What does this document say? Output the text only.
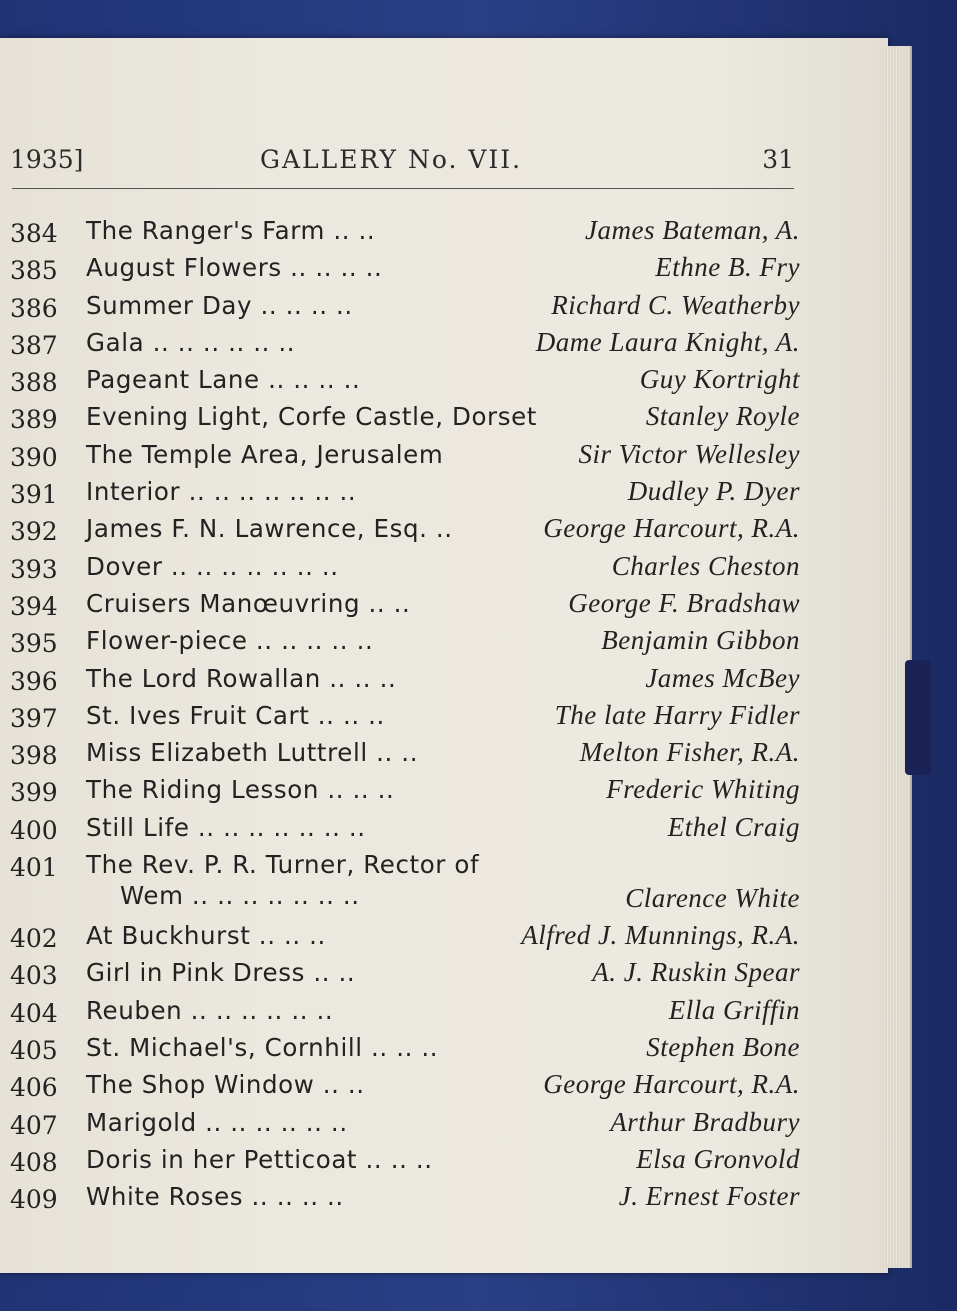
1935]	GALLERY No. VII.	31
384 The Ranger's Farm .. ..	James Bateman, A.
385 August Flowers .. .. .. ..	Ethne B. Fry
386 Summer Day .. .. .. ..	Richard C. Weatherby
387 Gala .. .. .. .. .. ..	Dame Laura Knight, A.
388 Pageant Lane .. .. .. ..	Guy Kortright
389 Evening Light, Corfe Castle, Dorset	Stanley Royle
390 The Temple Area, Jerusalem	Sir Victor Wellesley
391 Interior .. .. .. .. .. .. ..	Dudley P. Dyer
392 James F. N. Lawrence, Esq. ..	George Harcourt, R.A.
393 Dover .. .. .. .. .. .. ..	Charles Cheston
394 Cruisers Manœuvring .. ..	George F. Bradshaw
395 Flower-piece .. .. .. .. ..	Benjamin Gibbon
396 The Lord Rowallan .. .. ..	James McBey
397 St. Ives Fruit Cart .. .. ..	The late Harry Fidler
398 Miss Elizabeth Luttrell .. ..	Melton Fisher, R.A.
399 The Riding Lesson .. .. ..	Frederic Whiting
400 Still Life .. .. .. .. .. .. ..	Ethel Craig
401 The Rev. P. R. Turner, Rector of
Wem .. .. .. .. .. .. ..	Clarence White
402 At Buckhurst .. .. ..	Alfred J. Munnings, R.A.
403 Girl in Pink Dress .. ..	A. J. Ruskin Spear
404 Reuben .. .. .. .. .. ..	Ella Griffin
405 St. Michael's, Cornhill .. .. ..	Stephen Bone
406 The Shop Window .. ..	George Harcourt, R.A.
407 Marigold .. .. .. .. .. ..	Arthur Bradbury
408 Doris in her Petticoat .. .. ..	Elsa Gronvold
409 White Roses .. .. .. ..	J. Ernest Foster
